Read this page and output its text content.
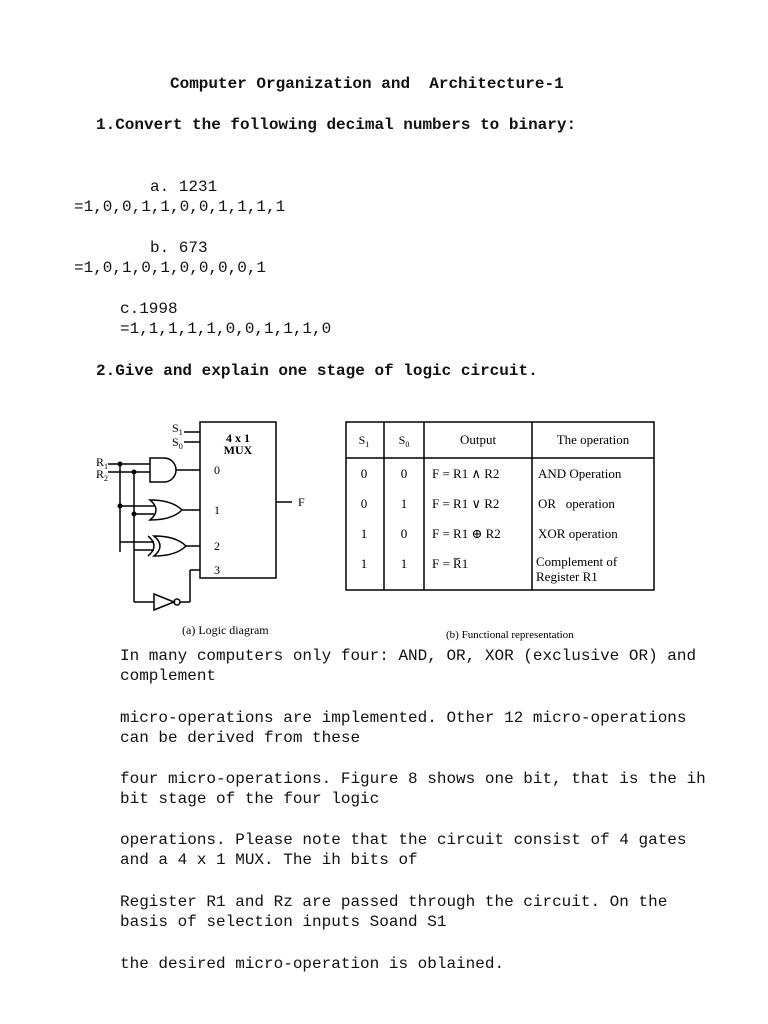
Computer Organization and  Architecture-1
1.Convert the following decimal numbers to binary:
a. 1231
=1,0,0,1,1,0,0,1,1,1,1
b. 673
=1,0,1,0,1,0,0,0,0,1
c.1998
=1,1,1,1,1,0,0,1,1,1,0
2.Give and explain one stage of logic circuit.
4 x 1
MUX
$S_1$
$S_0$
$R_1$
$R_2$
0
1
2
3
F
(a) Logic diagram	(b) Functional representation
$S_1$ $S_0$	Output	The operation
0	0 F = R1 ∧ R2	AND Operation
0	1 F = R1 ∨ R2	OR   operation
1	0 F = R1 ⊕ R2	XOR operation
1	1 F = R̅1	Complement of Register R1
In many computers only four: AND, OR, XOR (exclusive OR) and complement
micro-operations are implemented. Other 12 micro-operations can be derived from these
four micro-operations. Figure 8 shows one bit, that is the ih bit stage of the four logic
operations. Please note that the circuit consist of 4 gates and a 4 x 1 MUX. The ih bits of
Register R1 and Rz are passed through the circuit. On the basis of selection inputs Soand S1
the desired micro-operation is oblained.
